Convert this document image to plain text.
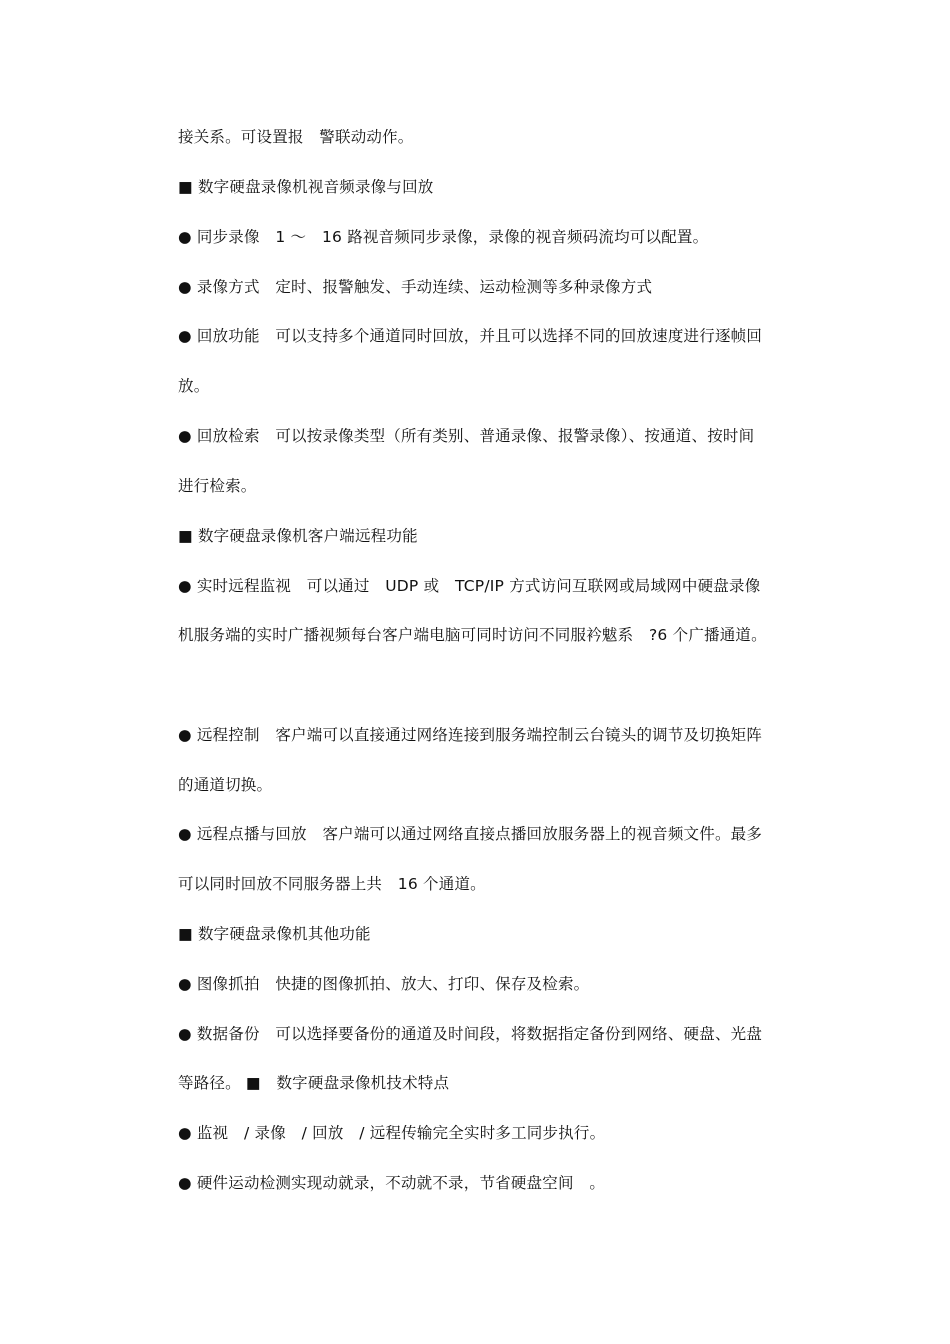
接关系。可设置报　警联动动作。
■ 数字硬盘录像机视音频录像与回放
● 同步录像　1 ～　16 路视音频同步录像，录像的视音频码流均可以配置。
● 录像方式　定时、报警触发、手动连续、运动检测等多种录像方式
● 回放功能　可以支持多个通道同时回放，并且可以选择不同的回放速度进行逐帧回
放。
● 回放检索　可以按录像类型（所有类别、普通录像、报警录像）、按通道、按时间
进行检索。
■ 数字硬盘录像机客户端远程功能
● 实时远程监视　可以通过　UDP 或　TCP/IP 方式访问互联网或局域网中硬盘录像
机服务端的实时广播视频每台客户端电脑可同时访问不同服衿魃系　?6 个广播通道。
● 远程控制　客户端可以直接通过网络连接到服务端控制云台镜头的调节及切换矩阵
的通道切换。
● 远程点播与回放　客户端可以通过网络直接点播回放服务器上的视音频文件。最多
可以同时回放不同服务器上共　16 个通道。
■ 数字硬盘录像机其他功能
● 图像抓拍　快捷的图像抓拍、放大、打印、保存及检索。
● 数据备份　可以选择要备份的通道及时间段，将数据指定备份到网络、硬盘、光盘
等路径。 ■　数字硬盘录像机技术特点
● 监视　/ 录像　/ 回放　/ 远程传输完全实时多工同步执行。
● 硬件运动检测实现动就录，不动就不录，节省硬盘空间　。
